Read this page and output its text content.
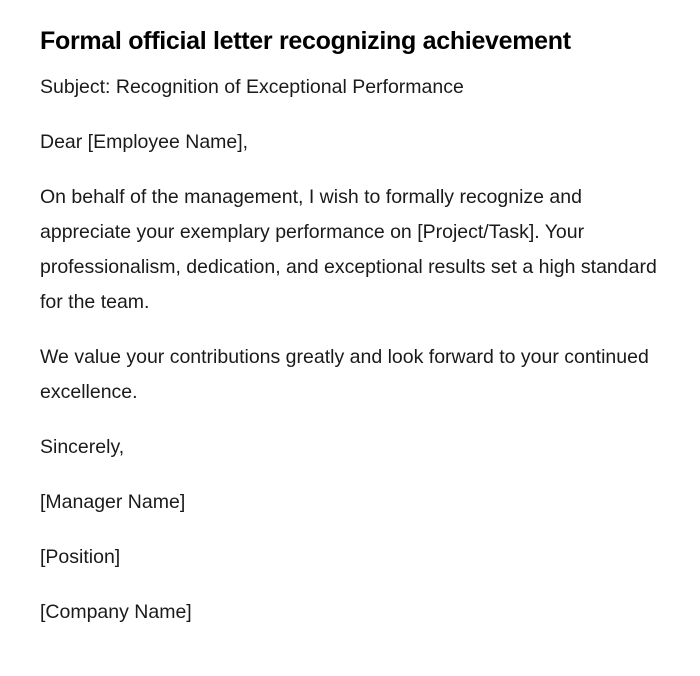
Formal official letter recognizing achievement

Subject: Recognition of Exceptional Performance

Dear [Employee Name],

On behalf of the management, I wish to formally recognize and appreciate your exemplary performance on [Project/Task]. Your professionalism, dedication, and exceptional results set a high standard for the team.

We value your contributions greatly and look forward to your continued excellence.

Sincerely,

[Manager Name]

[Position]

[Company Name]
